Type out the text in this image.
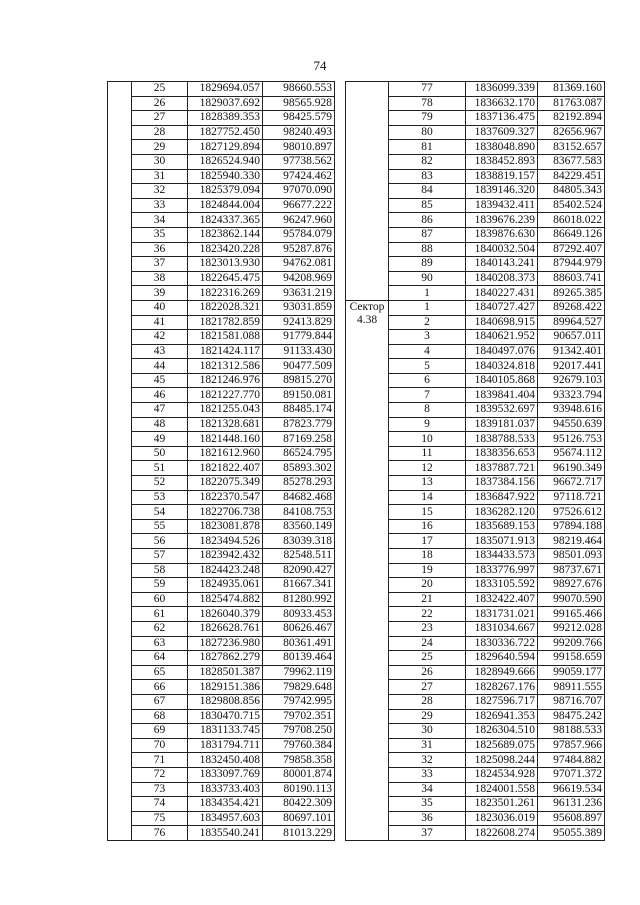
74
	25	1829694.057	98660.553
	26	1829037.692	98565.928
	27	1828389.353	98425.579
	28	1827752.450	98240.493
	29	1827129.894	98010.897
	30	1826524.940	97738.562
	31	1825940.330	97424.462
	32	1825379.094	97070.090
	33	1824844.004	96677.222
	34	1824337.365	96247.960
	35	1823862.144	95784.079
	36	1823420.228	95287.876
	37	1823013.930	94762.081
	38	1822645.475	94208.969
	39	1822316.269	93631.219
	40	1822028.321	93031.859
	41	1821782.859	92413.829
	42	1821581.088	91779.844
	43	1821424.117	91133.430
	44	1821312.586	90477.509
	45	1821246.976	89815.270
	46	1821227.770	89150.081
	47	1821255.043	88485.174
	48	1821328.681	87823.779
	49	1821448.160	87169.258
	50	1821612.960	86524.795
	51	1821822.407	85893.302
	52	1822075.349	85278.293
	53	1822370.547	84682.468
	54	1822706.738	84108.753
	55	1823081.878	83560.149
	56	1823494.526	83039.318
	57	1823942.432	82548.511
	58	1824423.248	82090.427
	59	1824935.061	81667.341
	60	1825474.882	81280.992
	61	1826040.379	80933.453
	62	1826628.761	80626.467
	63	1827236.980	80361.491
	64	1827862.279	80139.464
	65	1828501.387	79962.119
	66	1829151.386	79829.648
	67	1829808.856	79742.995
	68	1830470.715	79702.351
	69	1831133.745	79708.250
	70	1831794.711	79760.384
	71	1832450.408	79858.358
	72	1833097.769	80001.874
	73	1833733.403	80190.113
	74	1834354.421	80422.309
	75	1834957.603	80697.101
	76	1835540.241	81013.229
	77	1836099.339	81369.160
	78	1836632.170	81763.087
	79	1837136.475	82192.894
	80	1837609.327	82656.967
	81	1838048.890	83152.657
	82	1838452.893	83677.583
	83	1838819.157	84229.451
	84	1839146.320	84805.343
	85	1839432.411	85402.524
	86	1839676.239	86018.022
	87	1839876.630	86649.126
	88	1840032.504	87292.407
	89	1840143.241	87944.979
	90	1840208.373	88603.741
	1	1840227.431	89265.385

Сектор
4.38	1	1840727.427	89268.422
	2	1840698.915	89964.527
	3	1840621.952	90657.011
	4	1840497.076	91342.401
	5	1840324.818	92017.441
	6	1840105.868	92679.103
	7	1839841.404	93323.794
	8	1839532.697	93948.616
	9	1839181.037	94550.639
	10	1838788.533	95126.753
	11	1838356.653	95674.112
	12	1837887.721	96190.349
	13	1837384.156	96672.717
	14	1836847.922	97118.721
	15	1836282.120	97526.612
	16	1835689.153	97894.188
	17	1835071.913	98219.464
	18	1834433.573	98501.093
	19	1833776.997	98737.671
	20	1833105.592	98927.676
	21	1832422.407	99070.590
	22	1831731.021	99165.466
	23	1831034.667	99212.028
	24	1830336.722	99209.766
	25	1829640.594	99158.659
	26	1828949.666	99059.177
	27	1828267.176	98911.555
	28	1827596.717	98716.707
	29	1826941.353	98475.242
	30	1826304.510	98188.533
	31	1825689.075	97857.966
	32	1825098.244	97484.882
	33	1824534.928	97071.372
	34	1824001.558	96619.534
	35	1823501.261	96131.236
	36	1823036.019	95608.897
	37	1822608.274	95055.389
